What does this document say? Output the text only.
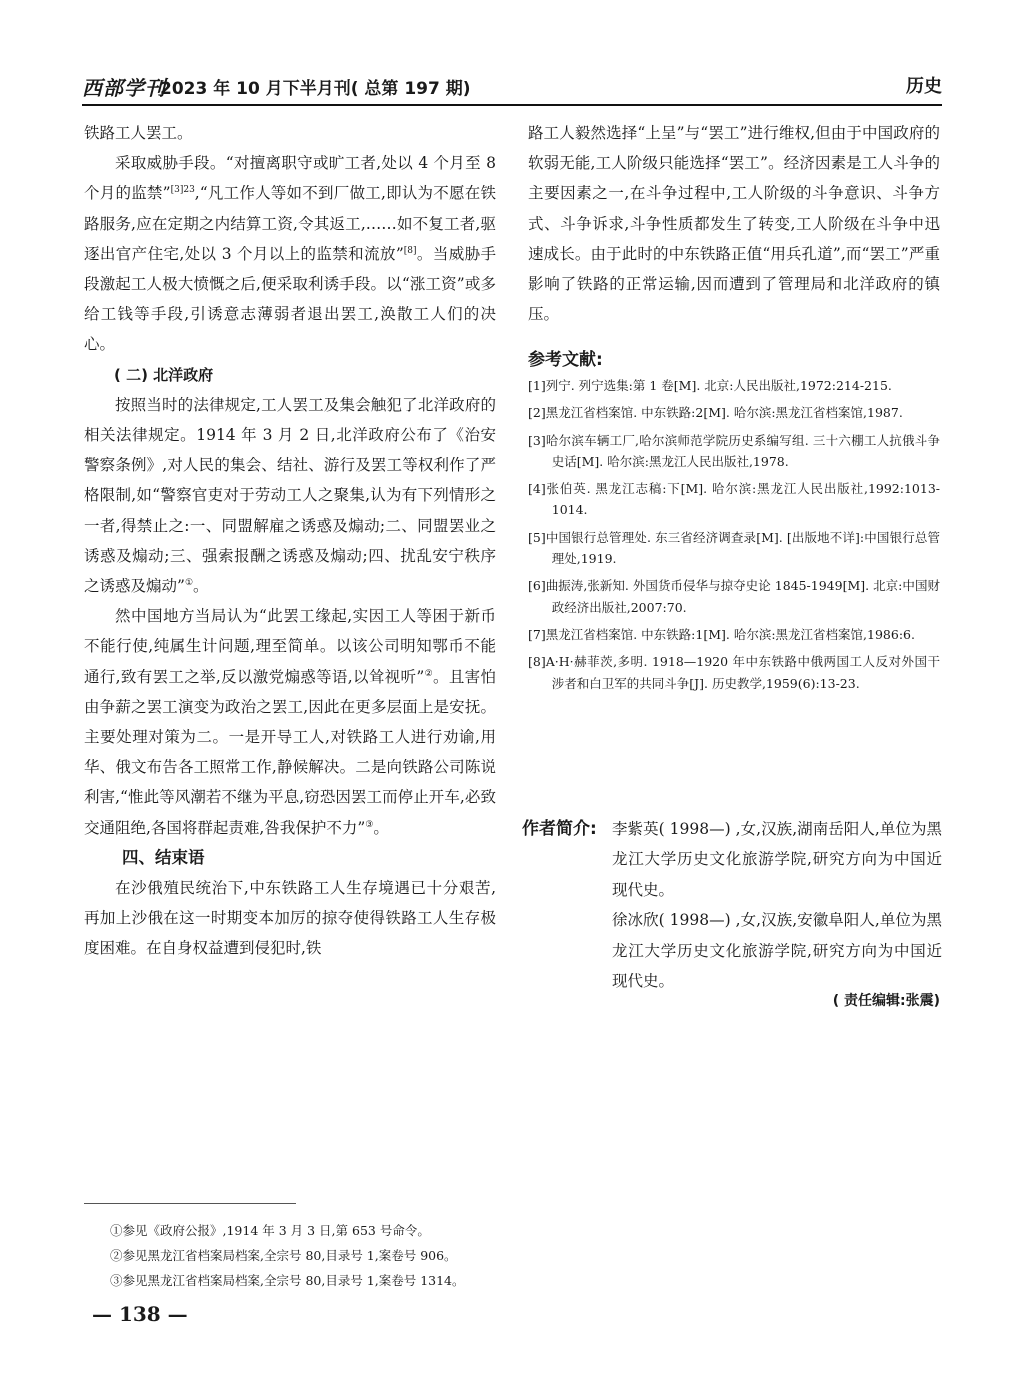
西部学刊
2023 年 10 月下半月刊( 总第 197 期)	历史

铁路工人罢工。

采取威胁手段。“对擅离职守或旷工者,处以 4 个月至 8 个月的监禁”$^{[3]23}$,“凡工作人等如不到厂做工,即认为不愿在铁路服务,应在定期之内结算工资,令其返工,……如不复工者,驱逐出官产住宅,处以 3 个月以上的监禁和流放”[8]。当威胁手段激起工人极大愤慨之后,便采取利诱手段。以“涨工资”或多给工钱等手段,引诱意志薄弱者退出罢工,涣散工人们的决心。

( 二) 北洋政府

按照当时的法律规定,工人罢工及集会触犯了北洋政府的相关法律规定。1914 年 3 月 2 日,北洋政府公布了《治安警察条例》,对人民的集会、结社、游行及罢工等权利作了严格限制,如“警察官吏对于劳动工人之聚集,认为有下列情形之一者,得禁止之:一、同盟解雇之诱惑及煽动;二、同盟罢业之诱惑及煽动;三、强索报酬之诱惑及煽动;四、扰乱安宁秩序之诱惑及煽动”①。

然中国地方当局认为“此罢工缘起,实因工人等困于新币不能行使,纯属生计问题,理至简单。以该公司明知鄂币不能通行,致有罢工之举,反以激党煽惑等语,以耸视听”②。且害怕由争薪之罢工演变为政治之罢工,因此在更多层面上是安抚。主要处理对策为二。一是开导工人,对铁路工人进行劝谕,用华、俄文布告各工照常工作,静候解决。二是向铁路公司陈说利害,“惟此等风潮若不继为平息,窃恐因罢工而停止开车,必致交通阻绝,各国将群起责难,咎我保护不力”③。

四、结束语

在沙俄殖民统治下,中东铁路工人生存境遇已十分艰苦,再加上沙俄在这一时期变本加厉的掠夺使得铁路工人生存极度困难。在自身权益遭到侵犯时,铁

路工人毅然选择“上呈”与“罢工”进行维权,但由于中国政府的软弱无能,工人阶级只能选择“罢工”。经济因素是工人斗争的主要因素之一,在斗争过程中,工人阶级的斗争意识、斗争方式、斗争诉求,斗争性质都发生了转变,工人阶级在斗争中迅速成长。由于此时的中东铁路正值“用兵孔道”,而“罢工”严重影响了铁路的正常运输,因而遭到了管理局和北洋政府的镇压。

参考文献:
[1]列宁. 列宁选集:第 1 卷[M]. 北京:人民出版社,1972:214-215.
[2]黑龙江省档案馆. 中东铁路:2[M]. 哈尔滨:黑龙江省档案馆,1987.
[3]哈尔滨车辆工厂,哈尔滨师范学院历史系编写组. 三十六棚工人抗俄斗争史话[M]. 哈尔滨:黑龙江人民出版社,1978.
[4]张伯英. 黑龙江志稿:下[M]. 哈尔滨:黑龙江人民出版社,1992:1013-1014.
[5]中国银行总管理处. 东三省经济调查录[M]. [出版地不详]:中国银行总管理处,1919.
[6]曲振涛,张新知. 外国货币侵华与掠夺史论 1845-1949[M]. 北京:中国财政经济出版社,2007:70.
[7]黑龙江省档案馆. 中东铁路:1[M]. 哈尔滨:黑龙江省档案馆,1986:6.
[8]A·H·赫菲茨,多明. 1918—1920 年中东铁路中俄两国工人反对外国干涉者和白卫军的共同斗争[J]. 历史教学,1959(6):13-23.
作者简介: 李紫英( 1998—) ,女,汉族,湖南岳阳人,单位为黑龙江大学历史文化旅游学院,研究方向为中国近现代史。

徐冰欣( 1998—) ,女,汉族,安徽阜阳人,单位为黑龙江大学历史文化旅游学院,研究方向为中国近现代史。

( 责任编辑:张震)

①参见《政府公报》,1914 年 3 月 3 日,第 653 号命令。

②参见黑龙江省档案局档案,全宗号 80,目录号 1,案卷号 906。

③参见黑龙江省档案局档案,全宗号 80,目录号 1,案卷号 1314。

— 138 —
